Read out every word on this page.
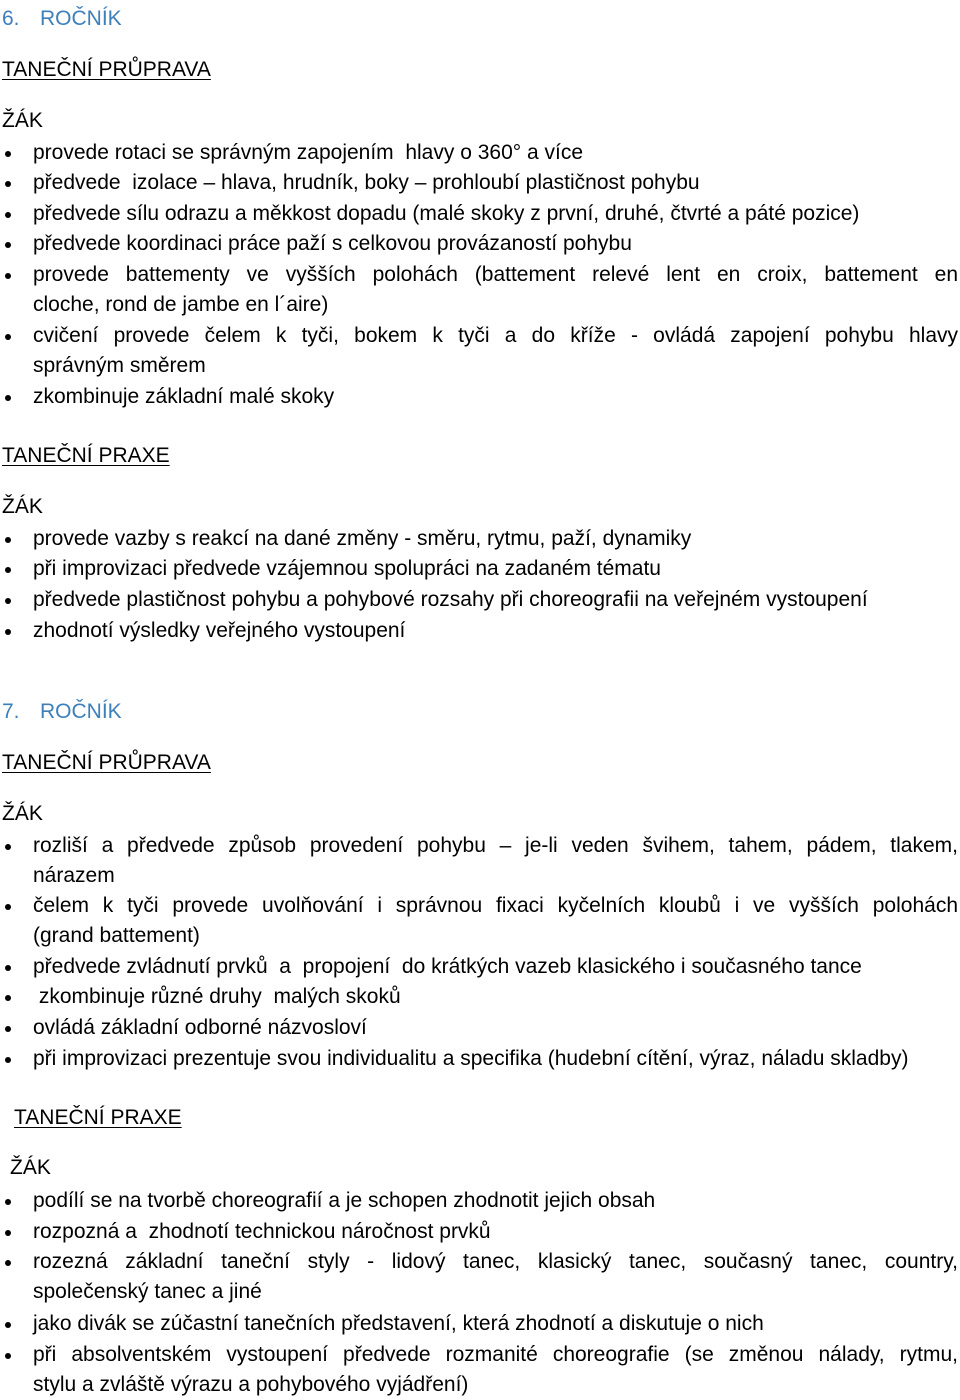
6.

ROČNÍK

TANEČNÍ PRŮPRAVA

ŽÁK

provede rotaci se správným zapojením  hlavy o 360° a více
předvede  izolace – hlava, hrudník, boky – prohloubí plastičnost pohybu
předvede sílu odrazu a měkkost dopadu (malé skoky z první, druhé, čtvrté a páté pozice)
předvede koordinaci práce paží s celkovou provázaností pohybu
provede battementy ve vyšších polohách (battement relevé lent en croix, battement en
cloche, rond de jambe en l´aire)
cvičení provede čelem k tyči, bokem k tyči a do kříže - ovládá zapojení pohybu hlavy
správným směrem
zkombinuje základní malé skoky

TANEČNÍ PRAXE

ŽÁK

provede vazby s reakcí na dané změny - směru, rytmu, paží, dynamiky
při improvizaci předvede vzájemnou spolupráci na zadaném tématu
předvede plastičnost pohybu a pohybové rozsahy při choreografii na veřejném vystoupení
zhodnotí výsledky veřejného vystoupení

7.

ROČNÍK

TANEČNÍ PRŮPRAVA

ŽÁK

rozliší a předvede způsob provedení pohybu – je-li veden švihem, tahem, pádem, tlakem,
nárazem
čelem k tyči provede uvolňování i správnou fixaci kyčelních kloubů i ve vyšších polohách
(grand battement)
předvede zvládnutí prvků  a  propojení  do krátkých vazeb klasického i současného tance
zkombinuje různé druhy  malých skoků
ovládá základní odborné názvosloví
při improvizaci prezentuje svou individualitu a specifika (hudební cítění, výraz, náladu skladby)

TANEČNÍ PRAXE

ŽÁK

podílí se na tvorbě choreografií a je schopen zhodnotit jejich obsah
rozpozná a  zhodnotí technickou náročnost prvků
rozezná základní taneční styly - lidový tanec, klasický tanec, současný tanec, country,
společenský tanec a jiné
jako divák se zúčastní tanečních představení, která zhodnotí a diskutuje o nich
při absolventském vystoupení předvede rozmanité choreografie (se změnou nálady, rytmu,
stylu a zvláště výrazu a pohybového vyjádření)
